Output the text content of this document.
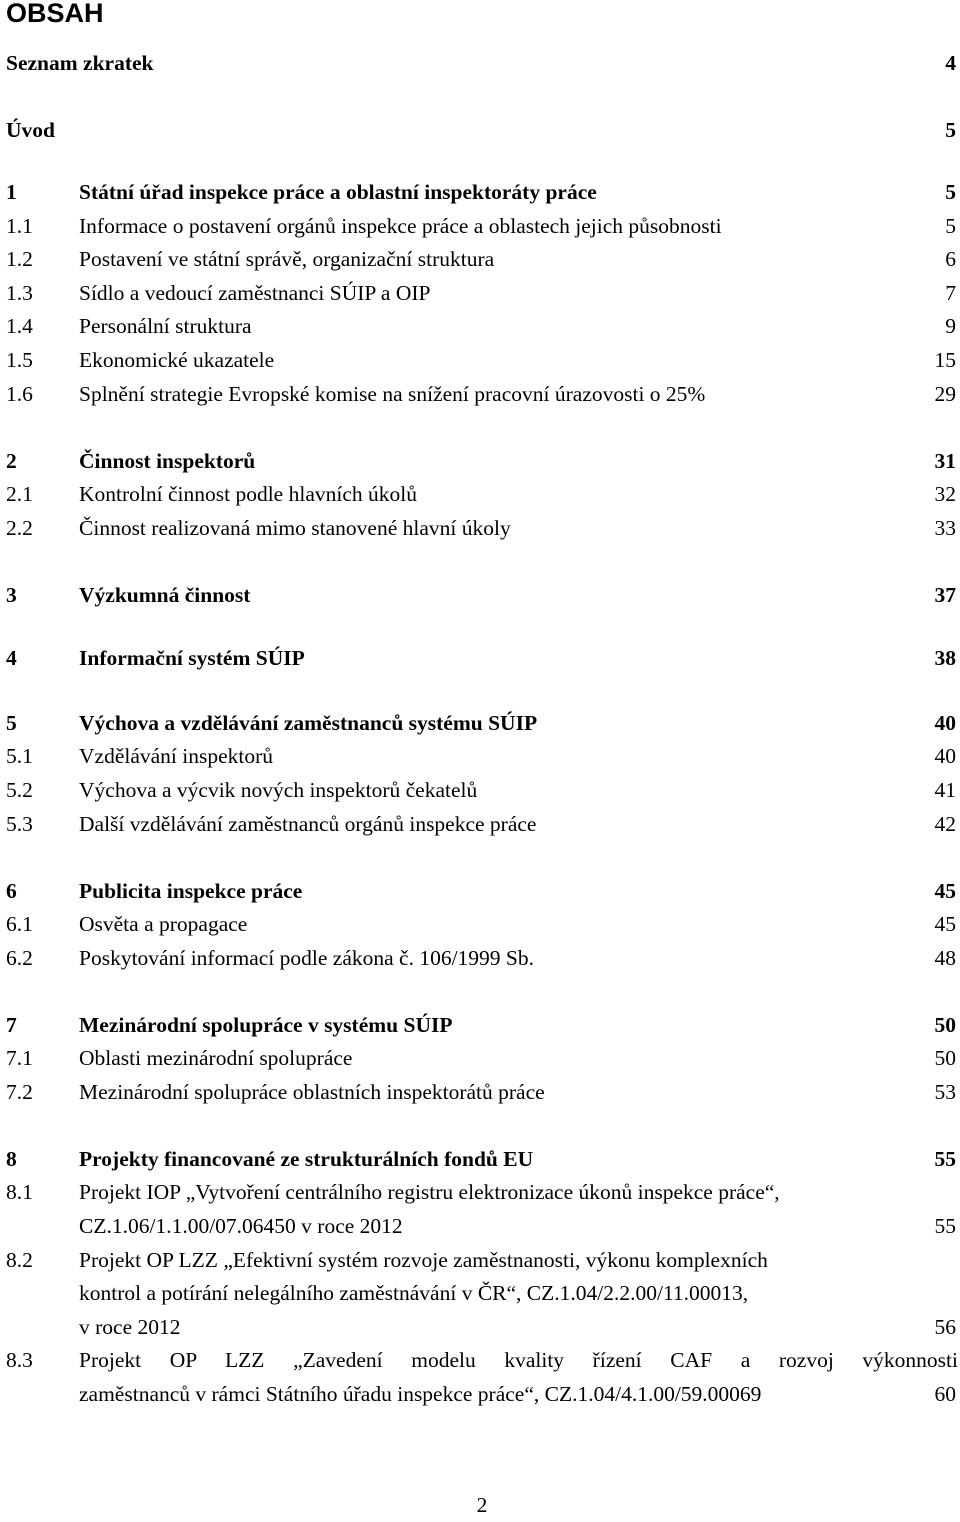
OBSAH
Seznam zkratek	4
Úvod	5
1	Státní úřad inspekce práce a oblastní inspektoráty práce	5
1.1 Informace o postavení orgánů inspekce práce a oblastech jejich působnosti	5
1.2 Postavení ve státní správě, organizační struktura	6
1.3 Sídlo a vedoucí zaměstnanci SÚIP a OIP	7
1.4 Personální struktura	9
1.5 Ekonomické ukazatele	15
1.6 Splnění strategie Evropské komise na snížení pracovní úrazovosti o 25%	29
2	Činnost inspektorů	31
2.1 Kontrolní činnost podle hlavních úkolů	32
2.2 Činnost realizovaná mimo stanovené hlavní úkoly	33
3	Výzkumná činnost	37
4	Informační systém SÚIP	38
5	Výchova a vzdělávání zaměstnanců systému SÚIP	40
5.1 Vzdělávání inspektorů	40
5.2 Výchova a výcvik nových inspektorů čekatelů	41
5.3 Další vzdělávání zaměstnanců orgánů inspekce práce	42
6	Publicita inspekce práce	45
6.1 Osvěta a propagace	45
6.2 Poskytování informací podle zákona č. 106/1999 Sb.	48
7	Mezinárodní spolupráce v systému SÚIP	50
7.1 Oblasti mezinárodní spolupráce	50
7.2 Mezinárodní spolupráce oblastních inspektorátů práce	53
8	Projekty financované ze strukturálních fondů EU	55
8.1 Projekt IOP „Vytvoření centrálního registru elektronizace úkonů inspekce práce“,
CZ.1.06/1.1.00/07.06450 v roce 2012	55
8.2 Projekt OP LZZ „Efektivní systém rozvoje zaměstnanosti, výkonu komplexních
kontrol a potírání nelegálního zaměstnávání v ČR“, CZ.1.04/2.2.00/11.00013,
v roce 2012	56
8.3 Projekt OP LZZ „Zavedení modelu kvality řízení CAF a rozvoj výkonnosti
zaměstnanců v rámci Státního úřadu inspekce práce“, CZ.1.04/4.1.00/59.00069	60
2
